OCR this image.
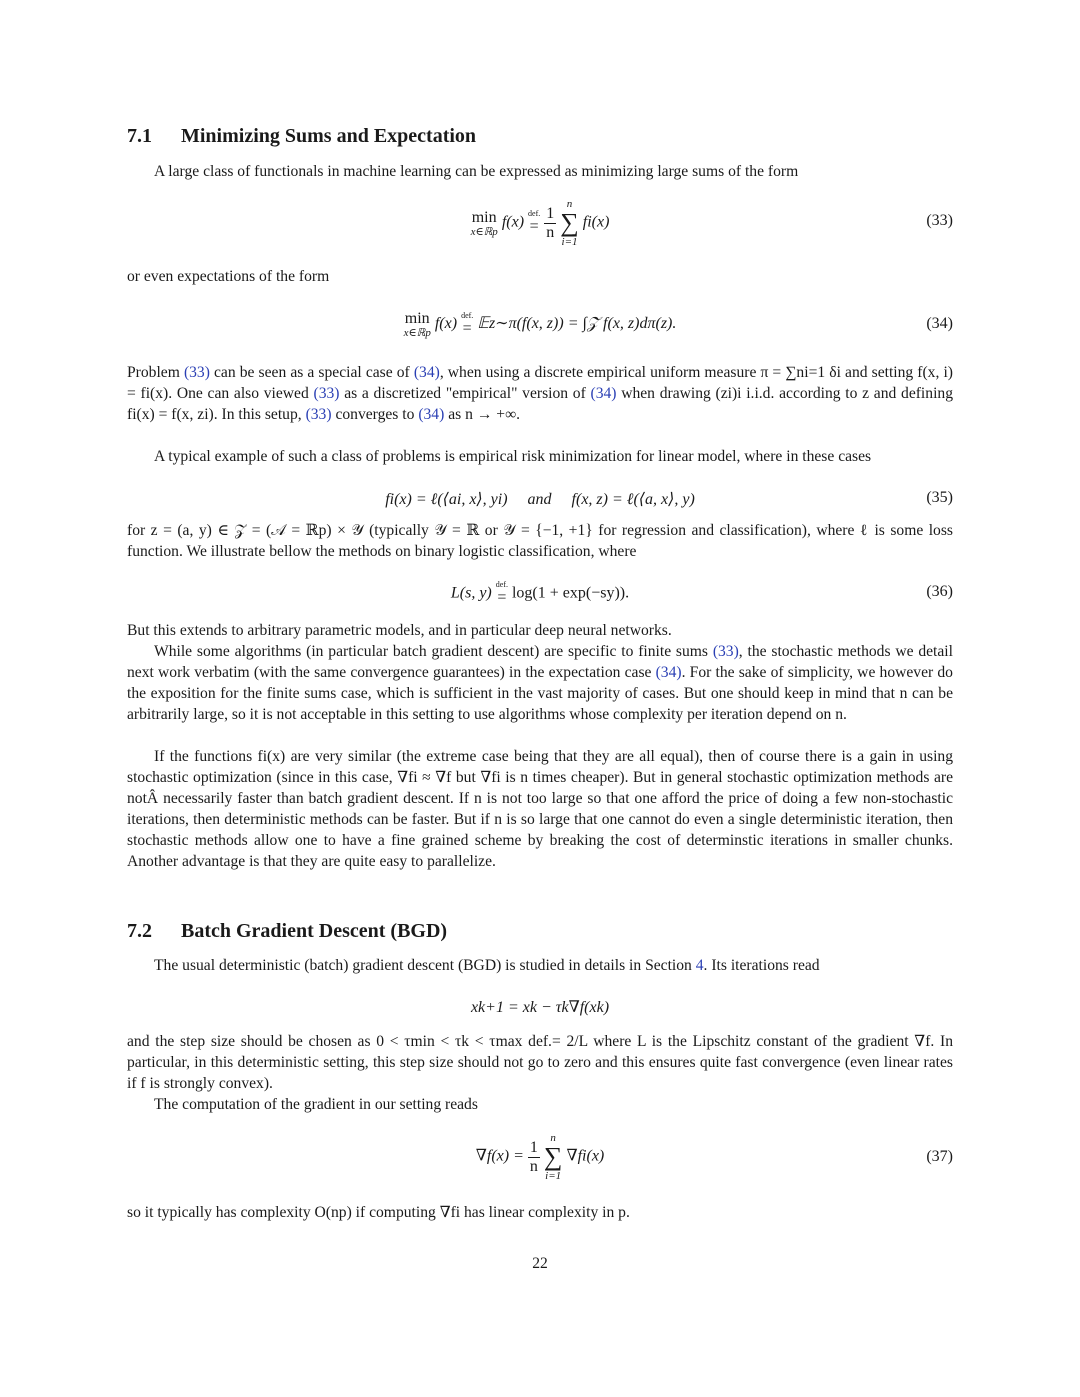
7.1 Minimizing Sums and Expectation

A large class of functionals in machine learning can be expressed as minimizing large sums of the form

min
x∈ℝp
f(x)
def.
=
$\frac{1}{n}$

n
∑
i=1
fi(x)	(33)

or even expectations of the form

min
x∈ℝp
f(x)
def.
= 𝔼z∼π(f(x, z)) = ∫𝒵 f(x, z)dπ(z).	(34)

Problem (33) can be seen as a special case of (34), when using a discrete empirical uniform measure π = ∑ni=1 δi and setting f(x, i) = fi(x). One can also viewed (33) as a discretized "empirical" version of (34) when drawing (zi)i i.i.d. according to z and defining fi(x) = f(x, zi). In this setup, (33) converges to (34) as n → +∞.

A typical example of such a class of problems is empirical risk minimization for linear model, where in these cases

fi(x) = ℓ(⟨ai, x⟩, yi)     and     f(x, z) = ℓ(⟨a, x⟩, y)	(35)

for z = (a, y) ∈ 𝒵 = (𝒜 = ℝp) × 𝒴 (typically 𝒴 = ℝ or 𝒴 = {−1, +1} for regression and classification), where ℓ is some loss function. We illustrate bellow the methods on binary logistic classification, where

L(s, y)
def.
= log(1 + exp(−sy)).	(36)

But this extends to arbitrary parametric models, and in particular deep neural networks.

While some algorithms (in particular batch gradient descent) are specific to finite sums (33), the stochastic methods we detail next work verbatim (with the same convergence guarantees) in the expectation case (34). For the sake of simplicity, we however do the exposition for the finite sums case, which is sufficient in the vast majority of cases. But one should keep in mind that n can be arbitrarily large, so it is not acceptable in this setting to use algorithms whose complexity per iteration depend on n.

If the functions fi(x) are very similar (the extreme case being that they are all equal), then of course there is a gain in using stochastic optimization (since in this case, ∇fi ≈ ∇f but ∇fi is n times cheaper). But in general stochastic optimization methods are notÂ necessarily faster than batch gradient descent. If n is not too large so that one afford the price of doing a few non-stochastic iterations, then deterministic methods can be faster. But if n is so large that one cannot do even a single deterministic iteration, then stochastic methods allow one to have a fine grained scheme by breaking the cost of determinstic iterations in smaller chunks. Another advantage is that they are quite easy to parallelize.

7.2 Batch Gradient Descent (BGD)

The usual deterministic (batch) gradient descent (BGD) is studied in details in Section 4. Its iterations read

xk+1 = xk − τk∇f(xk)

and the step size should be chosen as 0 < τmin < τk < τmax def.= 2/L where L is the Lipschitz constant of the gradient ∇f. In particular, in this deterministic setting, this step size should not go to zero and this ensures quite fast convergence (even linear rates if f is strongly convex).

The computation of the gradient in our setting reads

$\nabla f(x) = \frac{1}{n}$

n
∑
i=1
∇fi(x)	(37)

so it typically has complexity O(np) if computing ∇fi has linear complexity in p.

22
